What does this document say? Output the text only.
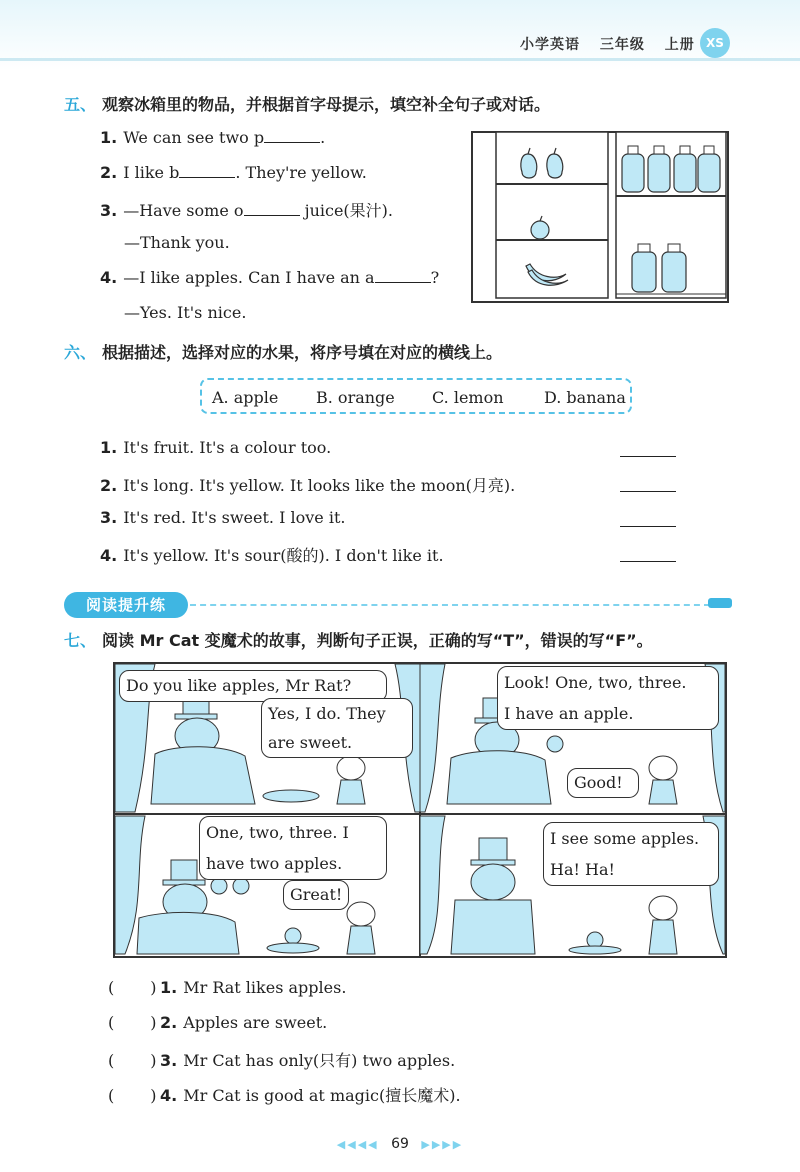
小学英语 三年级 上册 XS
五、 观察冰箱里的物品，并根据首字母提示，填空补全句子或对话。
1. We can see two p	.
2. I like b	. They're yellow.
3. —Have some o	juice(果汁).
—Thank you.
4. —I like apples. Can I have an a	?
—Yes. It's nice.
六、 根据描述，选择对应的水果，将序号填在对应的横线上。
A. apple B. orange C. lemon	D. banana
1. It's fruit. It's a colour too.
2. It's long. It's yellow. It looks like the moon(月亮).
3. It's red. It's sweet. I love it.
4. It's yellow. It's sour(酸的). I don't like it.
阅读提升练
七、 阅读 Mr Cat 变魔术的故事，判断句子正误，正确的写“T”，错误的写“F”。
Do you like apples, Mr Rat?
Yes, I do. They
are sweet.
Look! One, two, three.
I have an apple.
Good!
One, two, three. I
have two apples.
Great!
I see some apples.
Ha! Ha!
( ) 1. Mr Rat likes apples.
( ) 2. Apples are sweet.
( ) 3. Mr Cat has only(只有) two apples.
( ) 4. Mr Cat is good at magic(擅长魔术).
◀◀◀◀ 69 ▶▶▶▶
